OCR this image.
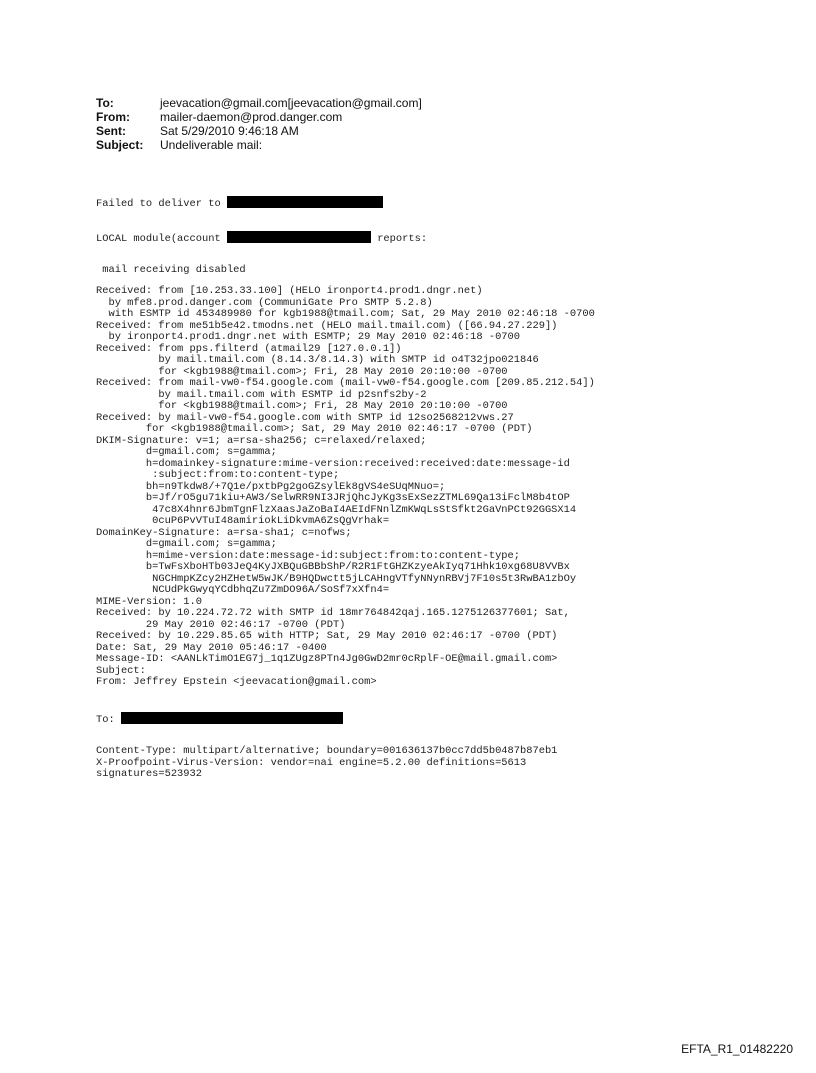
To:	jeevacation@gmail.com[jeevacation@gmail.com]
From:	mailer-daemon@prod.danger.com
Sent:	Sat 5/29/2010 9:46:18 AM
Subject:	Undeliverable mail:

Failed to deliver to

LOCAL module(account	reports:

mail receiving disabled

Received: from [10.253.33.100] (HELO ironport4.prod1.dngr.net)
by mfe8.prod.danger.com (CommuniGate Pro SMTP 5.2.8)
with ESMTP id 453489980 for kgb1988@tmail.com; Sat, 29 May 2010 02:46:18 -0700
Received: from me51b5e42.tmodns.net (HELO mail.tmail.com) ([66.94.27.229])
by ironport4.prod1.dngr.net with ESMTP; 29 May 2010 02:46:18 -0700
Received: from pps.filterd (atmail29 [127.0.0.1])
by mail.tmail.com (8.14.3/8.14.3) with SMTP id o4T32jpo021846
for <kgb1988@tmail.com>; Fri, 28 May 2010 20:10:00 -0700
Received: from mail-vw0-f54.google.com (mail-vw0-f54.google.com [209.85.212.54])
by mail.tmail.com with ESMTP id p2snfs2by-2
for <kgb1988@tmail.com>; Fri, 28 May 2010 20:10:00 -0700
Received: by mail-vw0-f54.google.com with SMTP id 12so2568212vws.27
for <kgb1988@tmail.com>; Sat, 29 May 2010 02:46:17 -0700 (PDT)
DKIM-Signature: v=1; a=rsa-sha256; c=relaxed/relaxed;
d=gmail.com; s=gamma;
h=domainkey-signature:mime-version:received:received:date:message-id
:subject:from:to:content-type;
bh=n9Tkdw8/+7Q1e/pxtbPg2goGZsylEk8gVS4eSUqMNuo=;
b=Jf/rO5gu71kiu+AW3/SelwRR9NI3JRjQhcJyKg3sExSezZTML69Qa13iFclM8b4tOP
47c8X4hnr6JbmTgnFlzXaasJaZoBaI4AEIdFNnlZmKWqLsStSfkt2GaVnPCt92GGSX14
0cuP6PvVTuI48amiriokLiDkvmA6ZsQgVrhak=
DomainKey-Signature: a=rsa-sha1; c=nofws;
d=gmail.com; s=gamma;
h=mime-version:date:message-id:subject:from:to:content-type;
b=TwFsXboHTb03JeQ4KyJXBQuGBBbShP/R2R1FtGHZKzyeAkIyq71Hhk10xg68U8VVBx
NGCHmpKZcy2HZHetW5wJK/B9HQDwctt5jLCAHngVTfyNNynRBVj7F10s5t3RwBA1zbOy
NCUdPkGwyqYCdbhqZu7ZmDO96A/SoSf7xXfn4=
MIME-Version: 1.0
Received: by 10.224.72.72 with SMTP id 18mr764842qaj.165.1275126377601; Sat,
29 May 2010 02:46:17 -0700 (PDT)
Received: by 10.229.85.65 with HTTP; Sat, 29 May 2010 02:46:17 -0700 (PDT)
Date: Sat, 29 May 2010 05:46:17 -0400
Message-ID: <AANLkTimO1EG7j_1q1ZUgz8PTn4Jg0GwD2mr0cRplF-OE@mail.gmail.com>
Subject:
From: Jeffrey Epstein <jeevacation@gmail.com>

To:

Content-Type: multipart/alternative; boundary=001636137b0cc7dd5b0487b87eb1
X-Proofpoint-Virus-Version: vendor=nai engine=5.2.00 definitions=5613
signatures=523932

EFTA_R1_01482220
